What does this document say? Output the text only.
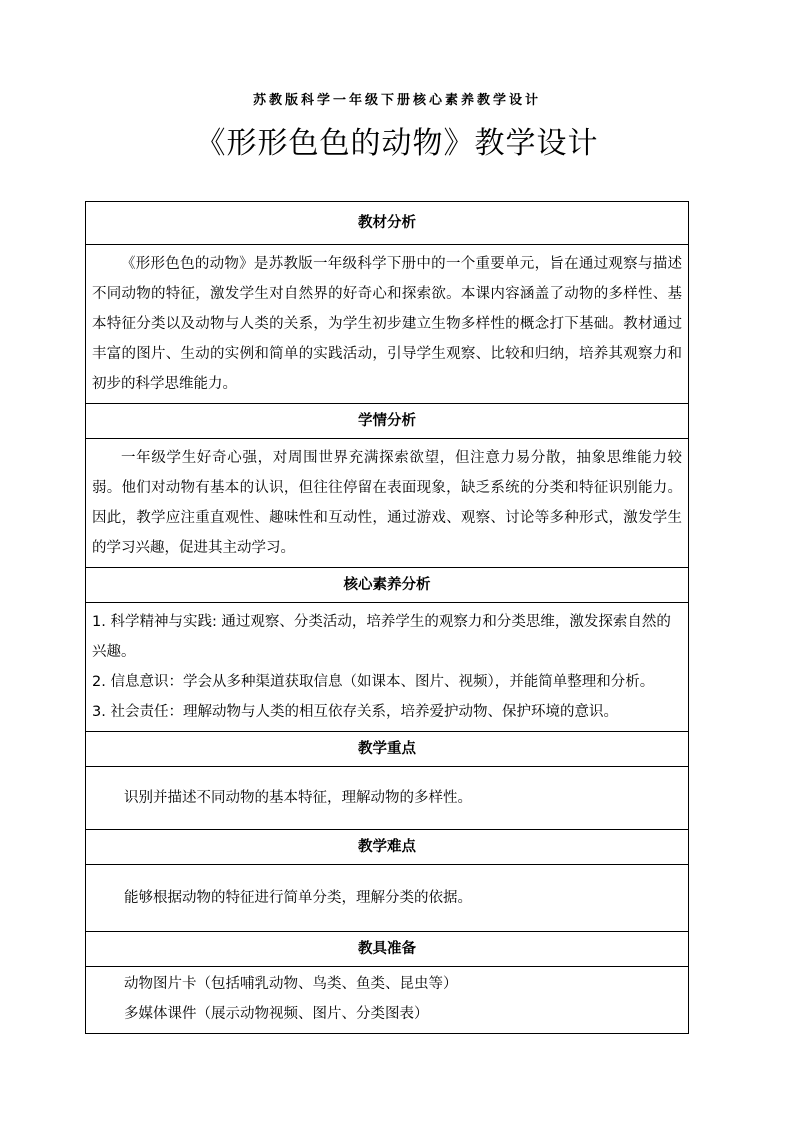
苏教版科学一年级下册核心素养教学设计
《形形色色的动物》教学设计
教材分析

《形形色色的动物》是苏教版一年级科学下册中的一个重要单元，旨在通过观察与描述不同动物的特征，激发学生对自然界的好奇心和探索欲。本课内容涵盖了动物的多样性、基本特征分类以及动物与人类的关系，为学生初步建立生物多样性的概念打下基础。教材通过丰富的图片、生动的实例和简单的实践活动，引导学生观察、比较和归纳，培养其观察力和初步的科学思维能力。

学情分析

一年级学生好奇心强，对周围世界充满探索欲望，但注意力易分散，抽象思维能力较弱。他们对动物有基本的认识，但往往停留在表面现象，缺乏系统的分类和特征识别能力。因此，教学应注重直观性、趣味性和互动性，通过游戏、观察、讨论等多种形式，激发学生的学习兴趣，促进其主动学习。

核心素养分析

1. 科学精神与实践: 通过观察、分类活动，培养学生的观察力和分类思维，激发探索自然的兴趣。

2. 信息意识：学会从多种渠道获取信息（如课本、图片、视频），并能简单整理和分析。

3. 社会责任：理解动物与人类的相互依存关系，培养爱护动物、保护环境的意识。

教学重点

识别并描述不同动物的基本特征，理解动物的多样性。

教学难点

能够根据动物的特征进行简单分类，理解分类的依据。

教具准备

动物图片卡（包括哺乳动物、鸟类、鱼类、昆虫等）

多媒体课件（展示动物视频、图片、分类图表）
